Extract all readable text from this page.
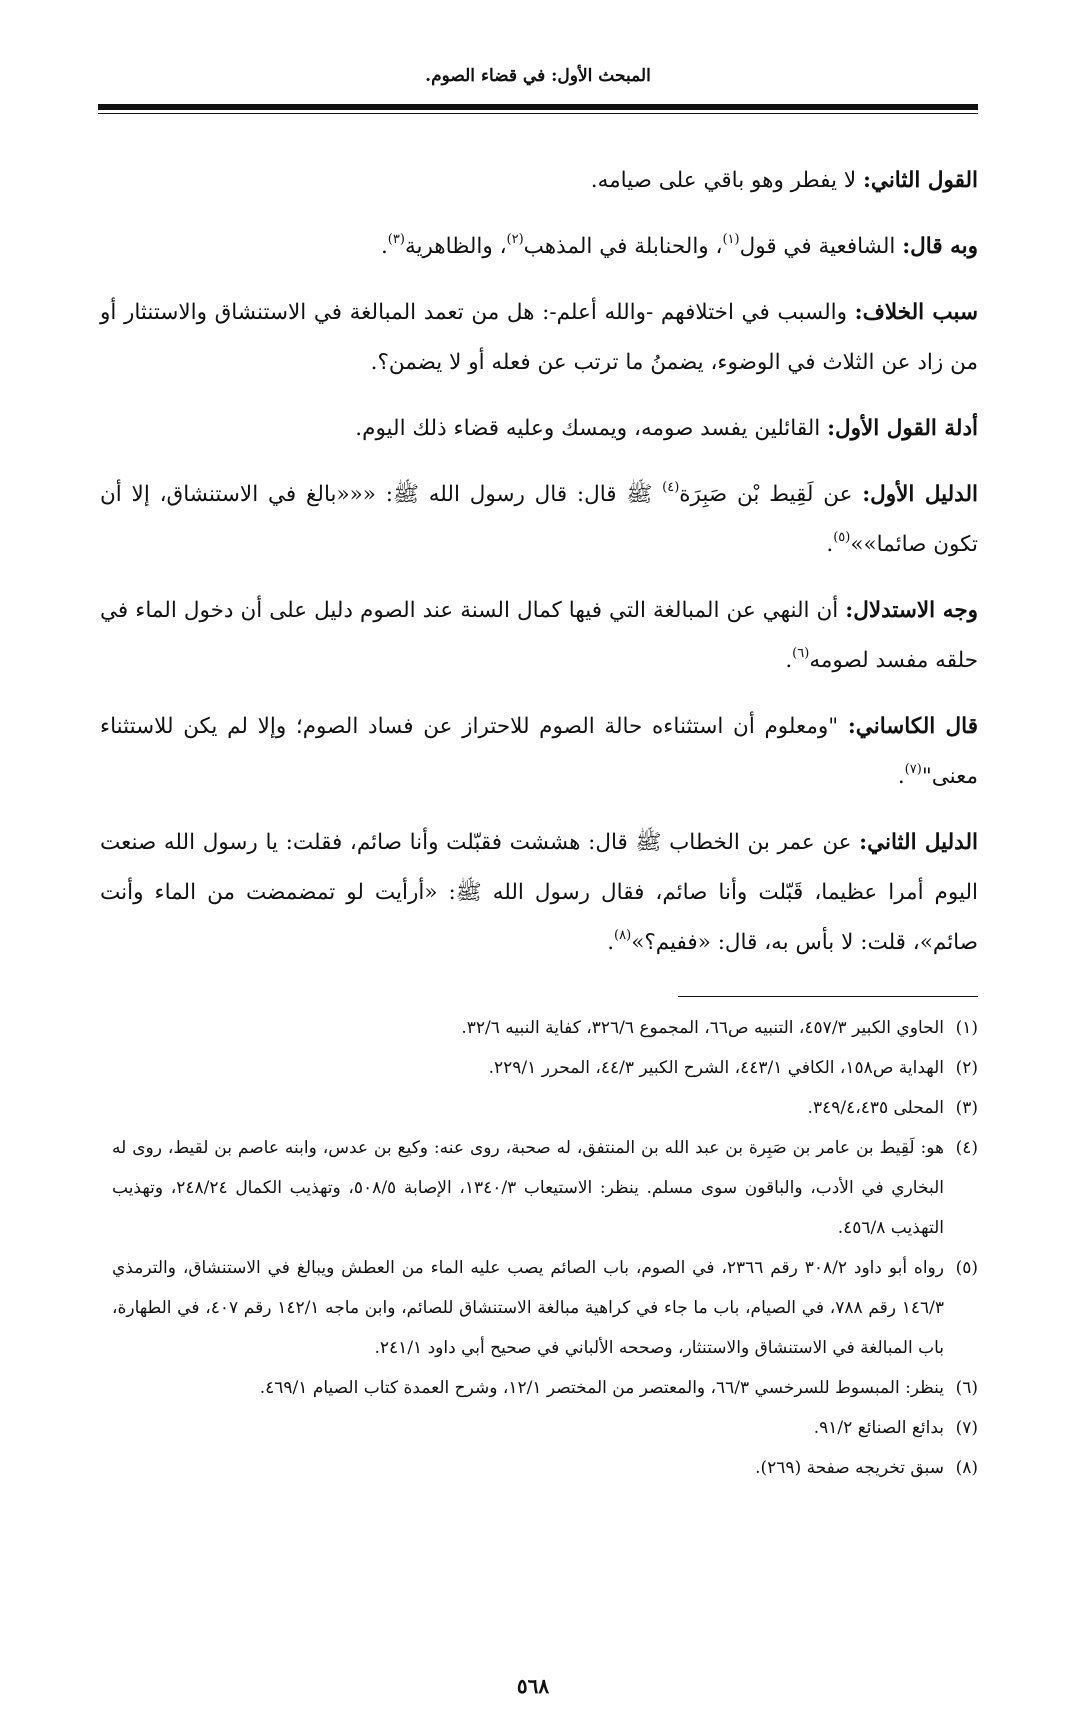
المبحث الأول: في قضاء الصوم.

القول الثاني: لا يفطر وهو باقي على صيامه.

وبه قال: الشافعية في قول$^{(١)}$، والحنابلة في المذهب$^{(٢)}$، والظاهرية$^{(٣)}$.

سبب الخلاف: والسبب في اختلافهم -والله أعلم-: هل من تعمد المبالغة في الاستنشاق والاستنثار أو من زاد عن الثلاث في الوضوء، يضمنُ ما ترتب عن فعله أو لا يضمن؟.

أدلة القول الأول: القائلين يفسد صومه، ويمسك وعليه قضاء ذلك اليوم.

الدليل الأول: عن لَقِيط بْن صَبِرَة$^{(٤)}$ ﷺ قال: قال رسول الله ﷺ: «««بالغ في الاستنشاق، إلا أن تكون صائما»»$^{(٥)}$.

وجه الاستدلال: أن النهي عن المبالغة التي فيها كمال السنة عند الصوم دليل على أن دخول الماء في حلقه مفسد لصومه$^{(٦)}$.

قال الكاساني: "ومعلوم أن استثناءه حالة الصوم للاحتراز عن فساد الصوم؛ وإلا لم يكن للاستثناء معنى"$^{(٧)}$.

الدليل الثاني: عن عمر بن الخطاب ﷺ قال: هششت فقبّلت وأنا صائم، فقلت: يا رسول الله صنعت اليوم أمرا عظيما، قَبّلت وأنا صائم، فقال رسول الله ﷺ: «أرأيت لو تمضمضت من الماء وأنت صائم»، قلت: لا بأس به، قال: «ففيم؟»$^{(٨)}$.

(١)
الحاوي الكبير ٤٥٧/٣، التنبيه ص٦٦، المجموع ٣٢٦/٦، كفاية النبيه ٣٢/٦.
(٢)
الهداية ص١٥٨، الكافي ٤٤٣/١، الشرح الكبير ٤٤/٣، المحرر ٢٢٩/١.
(٣)
المحلى ٣٤٩/٤،٤٣٥.
(٤)
هو: لَقِيط بن عامر بن صَبِرة بن عبد الله بن المنتفق، له صحبة، روى عنه: وكيع بن عدس، وابنه عاصم بن لقيط، روى له البخاري في الأدب، والباقون سوى مسلم. ينظر: الاستيعاب ١٣٤٠/٣، الإصابة ٥٠٨/٥، وتهذيب الكمال ٢٤٨/٢٤، وتهذيب التهذيب ٤٥٦/٨.
(٥)
رواه أبو داود ٣٠٨/٢ رقم ٢٣٦٦، في الصوم، باب الصائم يصب عليه الماء من العطش ويبالغ في الاستنشاق، والترمذي ١٤٦/٣ رقم ٧٨٨، في الصيام، باب ما جاء في كراهية مبالغة الاستنشاق للصائم، وابن ماجه ١٤٢/١ رقم ٤٠٧، في الطهارة، باب المبالغة في الاستنشاق والاستنثار، وصححه الألباني في صحيح أبي داود ٢٤١/١.
(٦)
ينظر: المبسوط للسرخسي ٦٦/٣، والمعتصر من المختصر ١٢/١، وشرح العمدة كتاب الصيام ٤٦٩/١.
(٧)
بدائع الصنائع ٩١/٢.
(٨)
سبق تخريجه صفحة (٢٦٩).
٥٦٨
